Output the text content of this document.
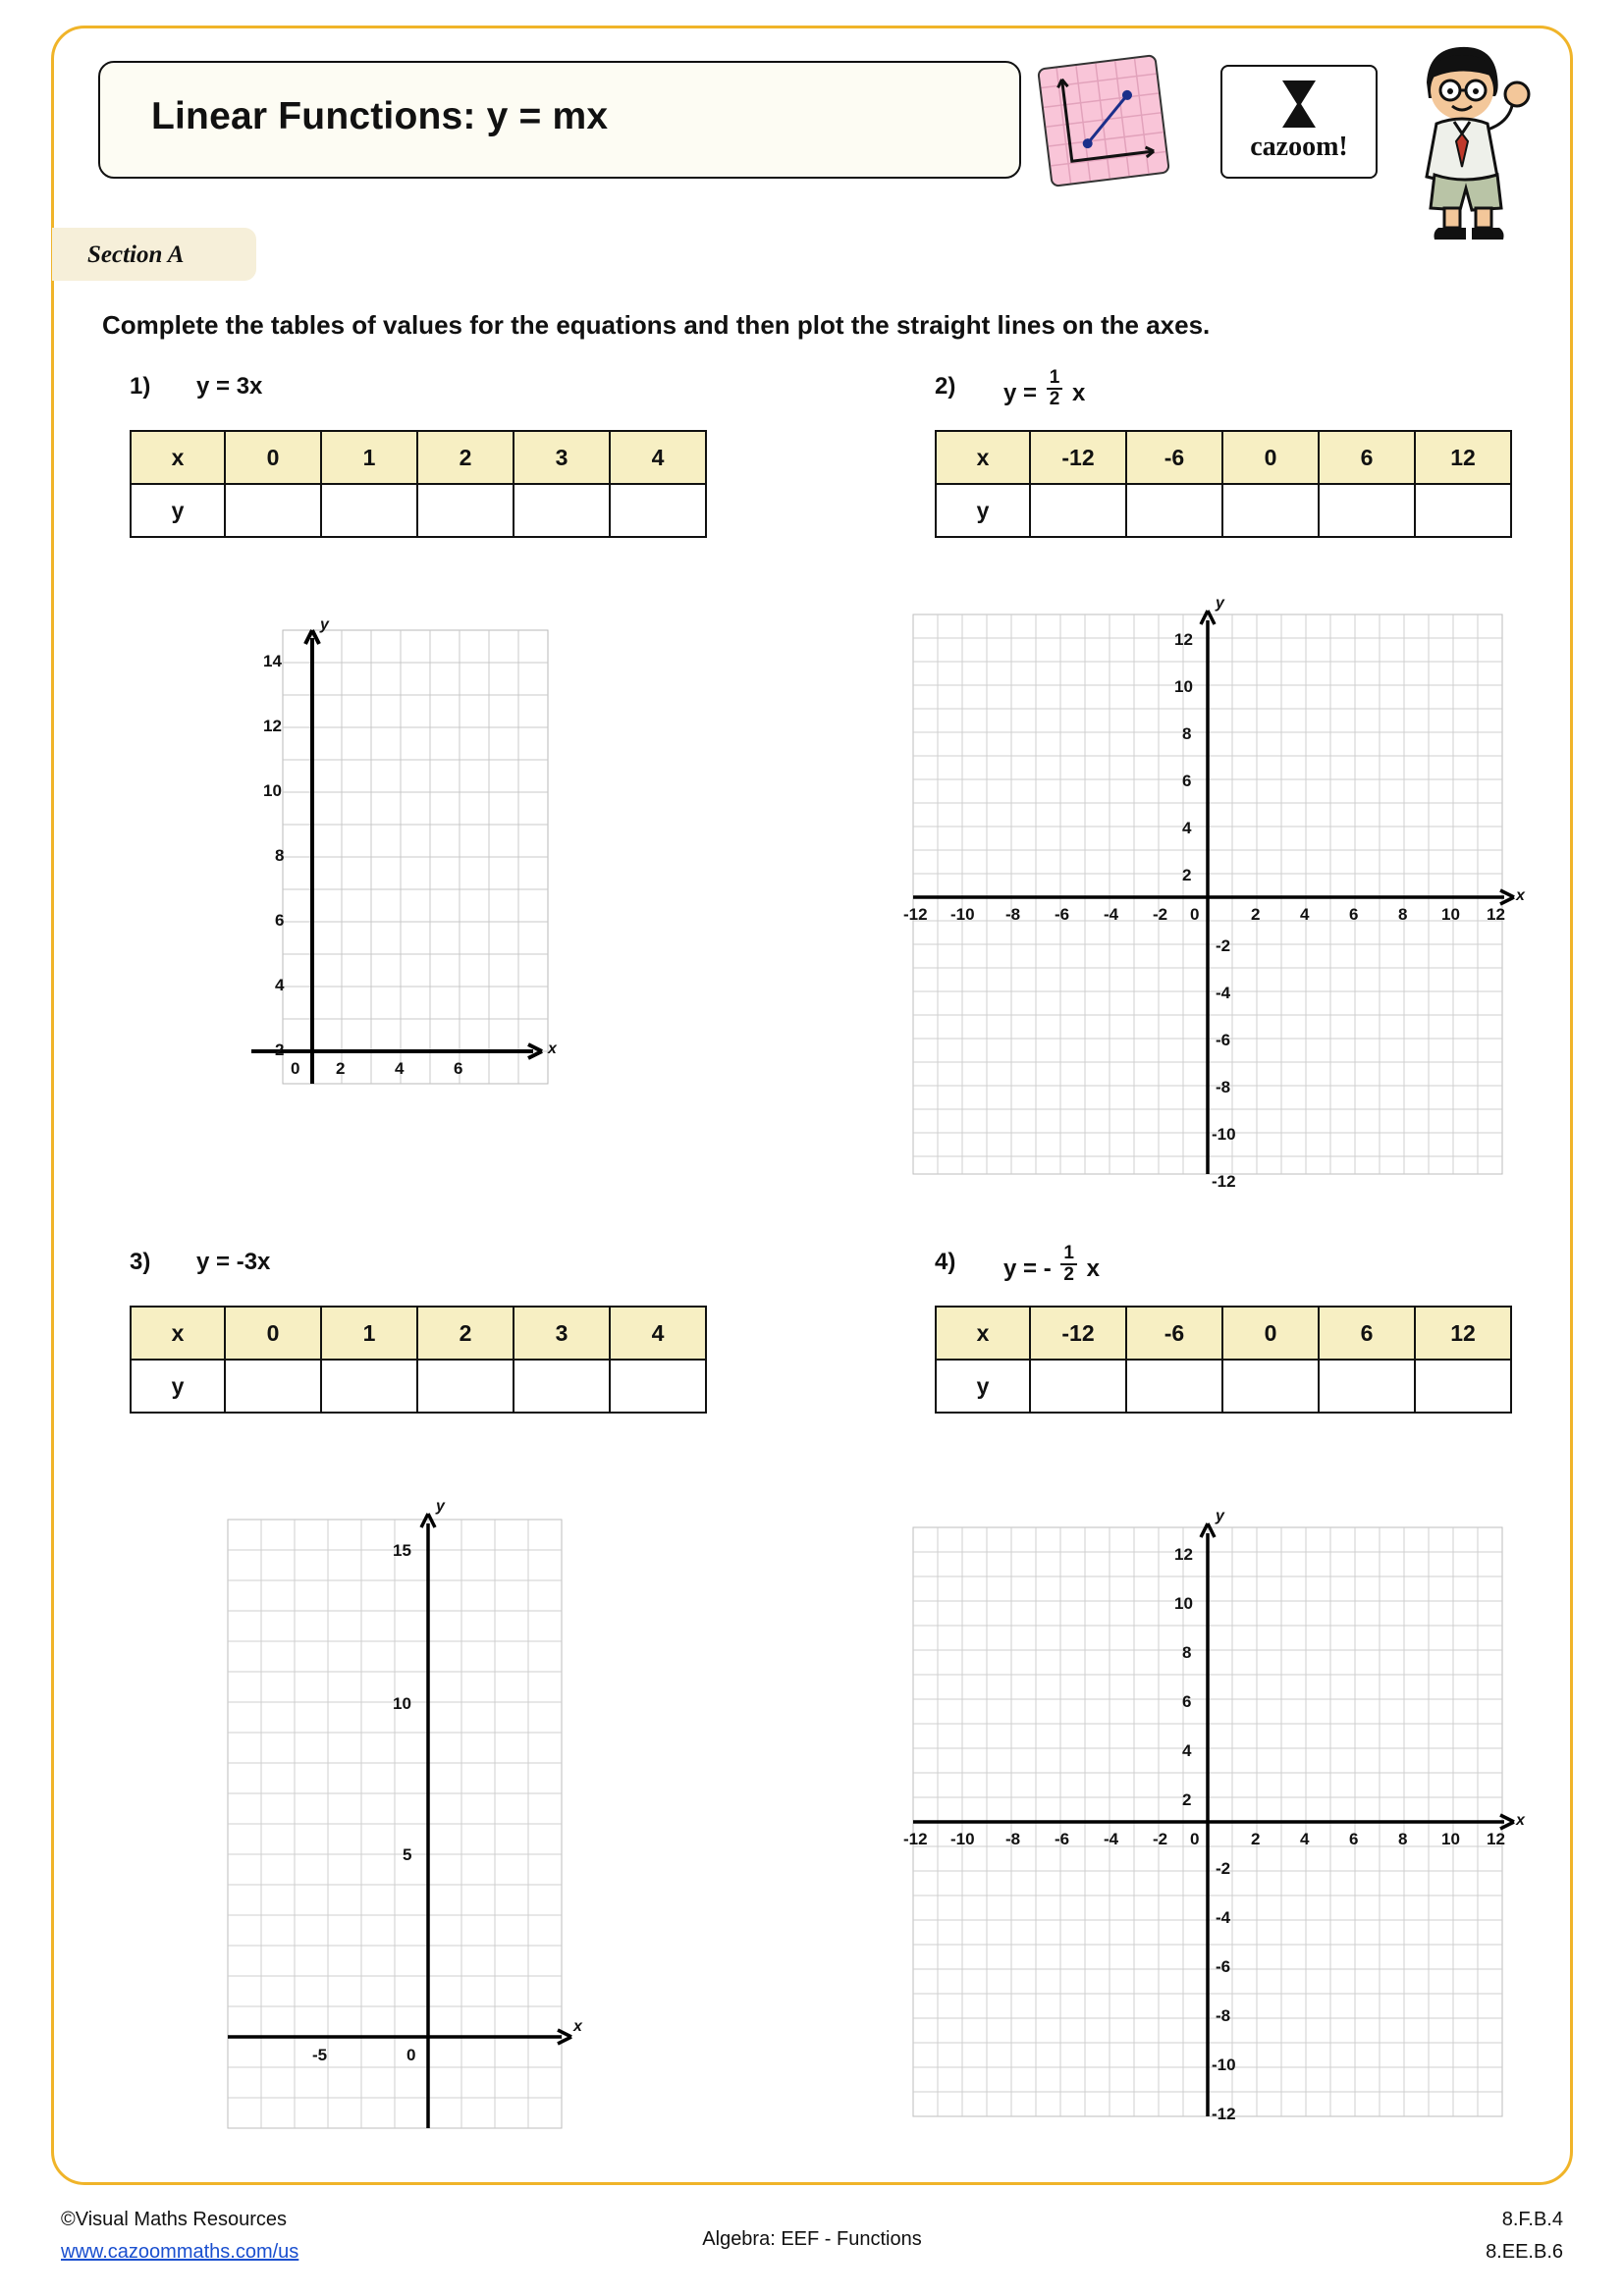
Linear Functions: y = mx
cazoom!
Section A
Complete the tables of values for the equations and then plot the straight lines on the axes.
1) y = 3x
x	0	1	2	3	4
y					
14
12
10
8
6
4
2
0 2	4	6
x
y
2) $y = \frac{1}{2}$ x
x	-12	-6	0	6	12
y					
12
10
8
6
4
2
-2
-4
-6
-8
-10
-12
-12 -10 -8 -6 -4 -2 0	2 4 6 8 10 12
x
y
3) y = -3x
x	0	1	2	3	4
y					
15
10
5
-5	0
x
y
4) y = - $\frac{1}{2}$ x
x	-12	-6	0	6	12
y					
12
10
8
6
4
2
-2
-4
-6
-8
-10
-12
-12 -10 -8 -6 -4 -2 0	2 4 6 8 10 12
x
y
©Visual Maths Resources
www.cazoommaths.com/us
Algebra: EEF - Functions
8.F.B.4
8.EE.B.6
